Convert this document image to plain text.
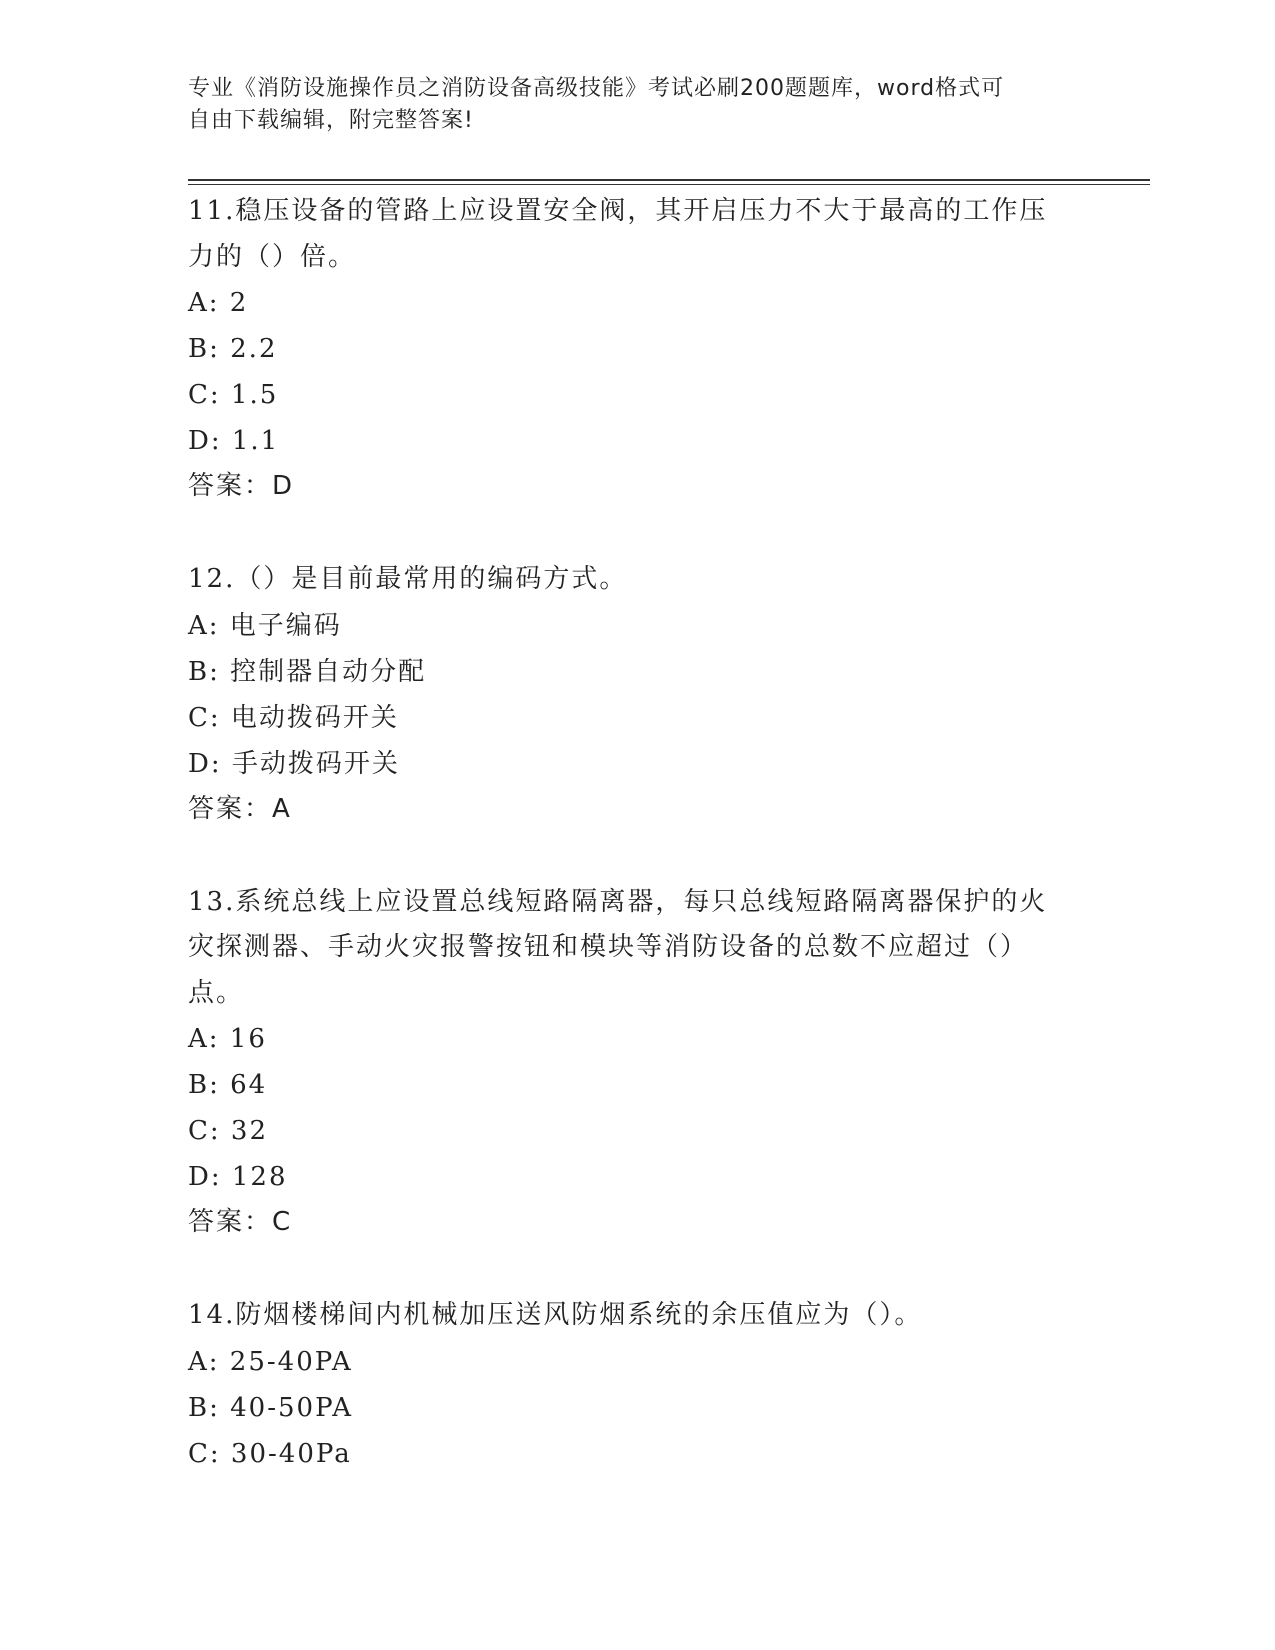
专业《消防设施操作员之消防设备高级技能》考试必刷200题题库，word格式可
自由下载编辑，附完整答案!

11.稳压设备的管路上应设置安全阀，其开启压力不大于最高的工作压

力的（）倍。

A: 2

B: 2.2

C: 1.5

D: 1.1

答案：D

12.（）是目前最常用的编码方式。

A: 电子编码

B: 控制器自动分配

C: 电动拨码开关

D: 手动拨码开关

答案：A

13.系统总线上应设置总线短路隔离器，每只总线短路隔离器保护的火

灾探测器、手动火灾报警按钮和模块等消防设备的总数不应超过（）

点。

A: 16

B: 64

C: 32

D: 128

答案：C

14.防烟楼梯间内机械加压送风防烟系统的余压值应为（）。

A: 25-40PA

B: 40-50PA

C: 30-40Pa
